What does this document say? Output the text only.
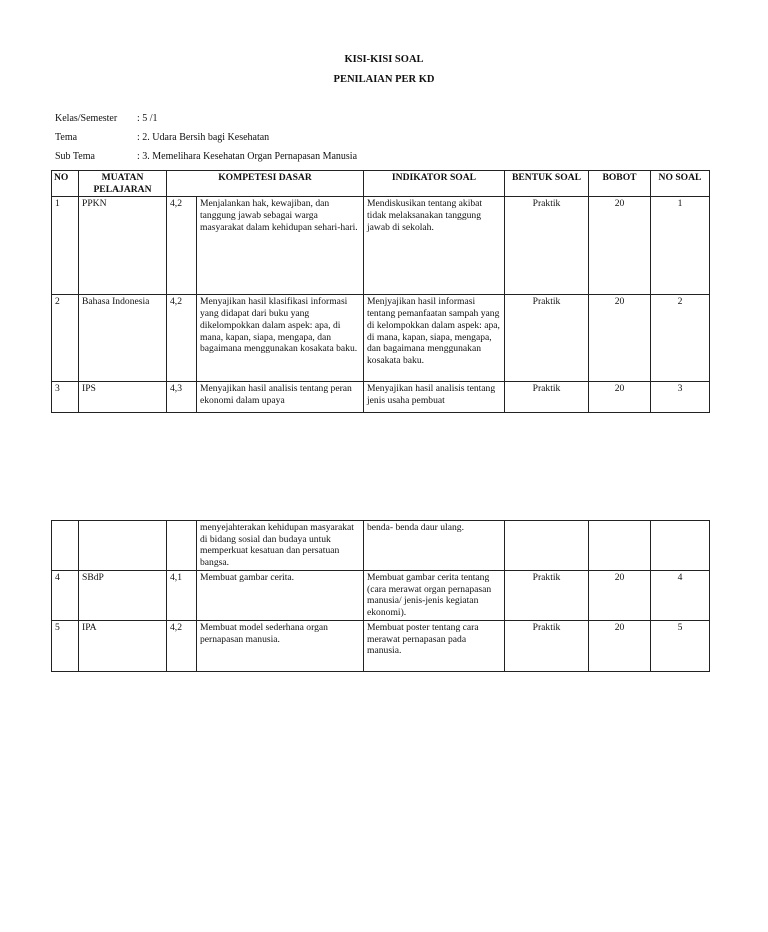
KISI-KISI SOAL
PENILAIAN PER KD
Kelas/Semester : 5 /1
Tema	: 2. Udara Bersih bagi Kesehatan
Sub Tema	: 3. Memelihara Kesehatan Organ Pernapasan Manusia
NO	MUATAN PELAJARAN	KOMPETESI DASAR		INDIKATOR SOAL	BENTUK SOAL	BOBOT	NO SOAL
1	PPKN	4,2	Menjalankan hak, kewajiban, dan tanggung jawab sebagai warga masyarakat dalam kehidupan sehari-hari.	Mendiskusikan tentang akibat tidak melaksanakan tanggung jawab di sekolah.	Praktik	20	1
2	Bahasa Indonesia	4,2	Menyajikan hasil klasifikasi informasi yang didapat dari buku yang dikelompokkan dalam aspek: apa, di mana, kapan, siapa, mengapa, dan bagaimana menggunakan kosakata baku.	Menjyajikan hasil informasi tentang pemanfaatan sampah yang di kelompokkan dalam aspek: apa, di mana, kapan, siapa, mengapa, dan bagaimana menggunakan kosakata baku.	Praktik	20	2
3	IPS	4,3	Menyajikan hasil analisis tentang peran ekonomi dalam upaya	Menyajikan hasil analisis tentang jenis usaha pembuat	Praktik	20	3
			menyejahterakan kehidupan masyarakat di bidang sosial dan budaya untuk memperkuat kesatuan dan persatuan bangsa.	benda- benda daur ulang.			
4	SBdP	4,1	Membuat gambar cerita.	Membuat gambar cerita tentang (cara merawat organ pernapasan manusia/ jenis-jenis kegiatan ekonomi).	Praktik	20	4
5	IPA	4,2	Membuat model sederhana organ pernapasan manusia.	Membuat poster tentang cara merawat pernapasan pada manusia.	Praktik	20	5
